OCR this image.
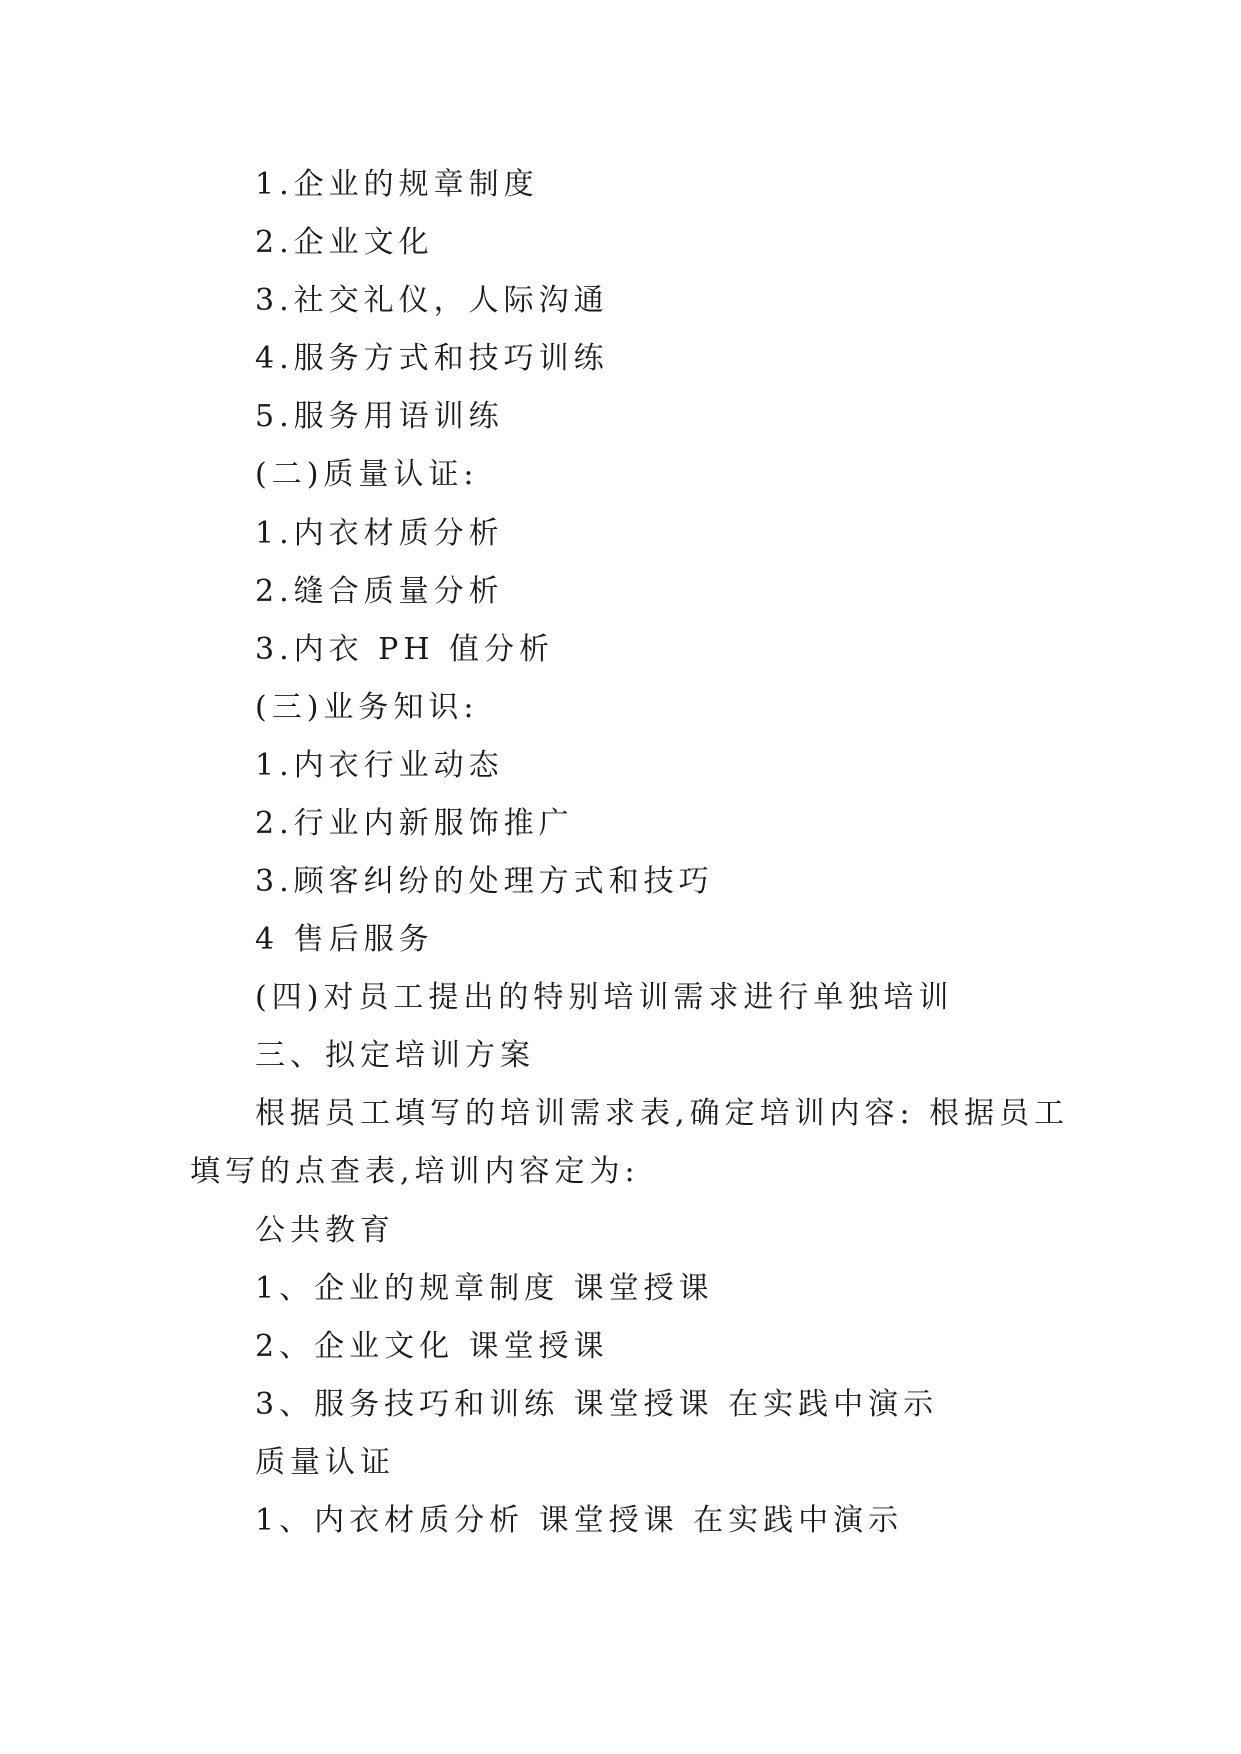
1.企业的规章制度
2.企业文化
3.社交礼仪，人际沟通
4.服务方式和技巧训练
5.服务用语训练
(二)质量认证:
1.内衣材质分析
2.缝合质量分析
3.内衣 PH 值分析
(三)业务知识:
1.内衣行业动态
2.行业内新服饰推广
3.顾客纠纷的处理方式和技巧
4 售后服务
(四)对员工提出的特别培训需求进行单独培训
三、拟定培训方案
根据员工填写的培训需求表,确定培训内容: 根据员工
填写的点查表,培训内容定为:
公共教育
1、企业的规章制度 课堂授课
2、企业文化 课堂授课
3、服务技巧和训练 课堂授课 在实践中演示
质量认证
1、内衣材质分析 课堂授课 在实践中演示
